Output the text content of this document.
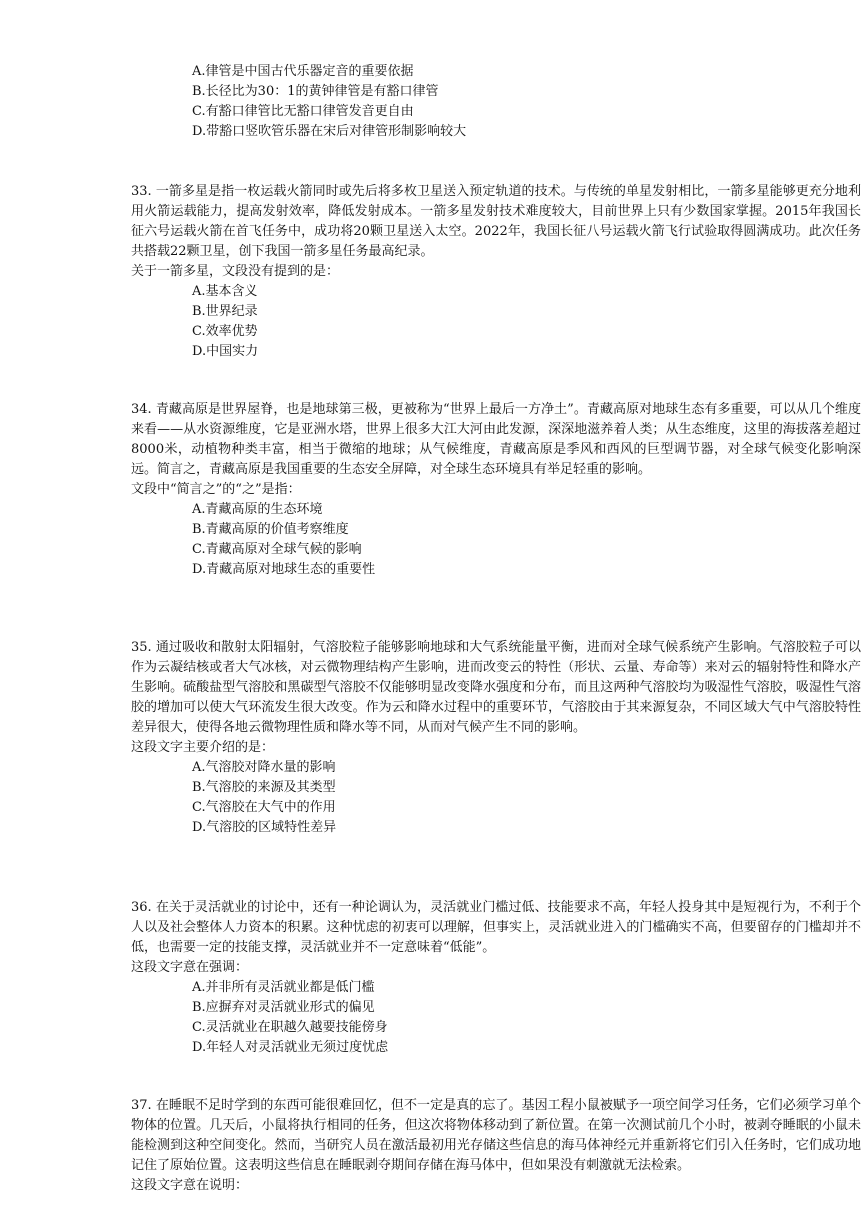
A.律管是中国古代乐器定音的重要依据
B.长径比为30：1的黄钟律管是有豁口律管
C.有豁口律管比无豁口律管发音更自由
D.带豁口竖吹管乐器在宋后对律管形制影响较大

33. 一箭多星是指一枚运载火箭同时或先后将多枚卫星送入预定轨道的技术。与传统的单星发射相比，一箭多星能够更充分地利用火箭运载能力，提高发射效率，降低发射成本。一箭多星发射技术难度较大，目前世界上只有少数国家掌握。2015年我国长征六号运载火箭在首飞任务中，成功将20颗卫星送入太空。2022年，我国长征八号运载火箭飞行试验取得圆满成功。此次任务共搭载22颗卫星，创下我国一箭多星任务最高纪录。

关于一箭多星，文段没有提到的是：

A.基本含义
B.世界纪录
C.效率优势
D.中国实力

34. 青藏高原是世界屋脊，也是地球第三极，更被称为“世界上最后一方净土”。青藏高原对地球生态有多重要，可以从几个维度来看——从水资源维度，它是亚洲水塔，世界上很多大江大河由此发源，深深地滋养着人类；从生态维度，这里的海拔落差超过8000米，动植物种类丰富，相当于微缩的地球；从气候维度，青藏高原是季风和西风的巨型调节器，对全球气候变化影响深远。简言之，青藏高原是我国重要的生态安全屏障，对全球生态环境具有举足轻重的影响。

文段中“简言之”的“之”是指：

A.青藏高原的生态环境
B.青藏高原的价值考察维度
C.青藏高原对全球气候的影响
D.青藏高原对地球生态的重要性

35. 通过吸收和散射太阳辐射，气溶胶粒子能够影响地球和大气系统能量平衡，进而对全球气候系统产生影响。气溶胶粒子可以作为云凝结核或者大气冰核，对云微物理结构产生影响，进而改变云的特性（形状、云量、寿命等）来对云的辐射特性和降水产生影响。硫酸盐型气溶胶和黑碳型气溶胶不仅能够明显改变降水强度和分布，而且这两种气溶胶均为吸湿性气溶胶，吸湿性气溶胶的增加可以使大气环流发生很大改变。作为云和降水过程中的重要环节，气溶胶由于其来源复杂，不同区域大气中气溶胶特性差异很大，使得各地云微物理性质和降水等不同，从而对气候产生不同的影响。

这段文字主要介绍的是：

A.气溶胶对降水量的影响
B.气溶胶的来源及其类型
C.气溶胶在大气中的作用
D.气溶胶的区域特性差异

36. 在关于灵活就业的讨论中，还有一种论调认为，灵活就业门槛过低、技能要求不高，年轻人投身其中是短视行为，不利于个人以及社会整体人力资本的积累。这种忧虑的初衷可以理解，但事实上，灵活就业进入的门槛确实不高，但要留存的门槛却并不低，也需要一定的技能支撑，灵活就业并不一定意味着“低能”。

这段文字意在强调：

A.并非所有灵活就业都是低门槛
B.应摒弃对灵活就业形式的偏见
C.灵活就业在职越久越要技能傍身
D.年轻人对灵活就业无须过度忧虑

37. 在睡眠不足时学到的东西可能很难回忆，但不一定是真的忘了。基因工程小鼠被赋予一项空间学习任务，它们必须学习单个物体的位置。几天后，小鼠将执行相同的任务，但这次将物体移动到了新位置。在第一次测试前几个小时，被剥夺睡眠的小鼠未能检测到这种空间变化。然而，当研究人员在激活最初用光存储这些信息的海马体神经元并重新将它们引入任务时，它们成功地记住了原始位置。这表明这些信息在睡眠剥夺期间存储在海马体中，但如果没有刺激就无法检索。

这段文字意在说明：
